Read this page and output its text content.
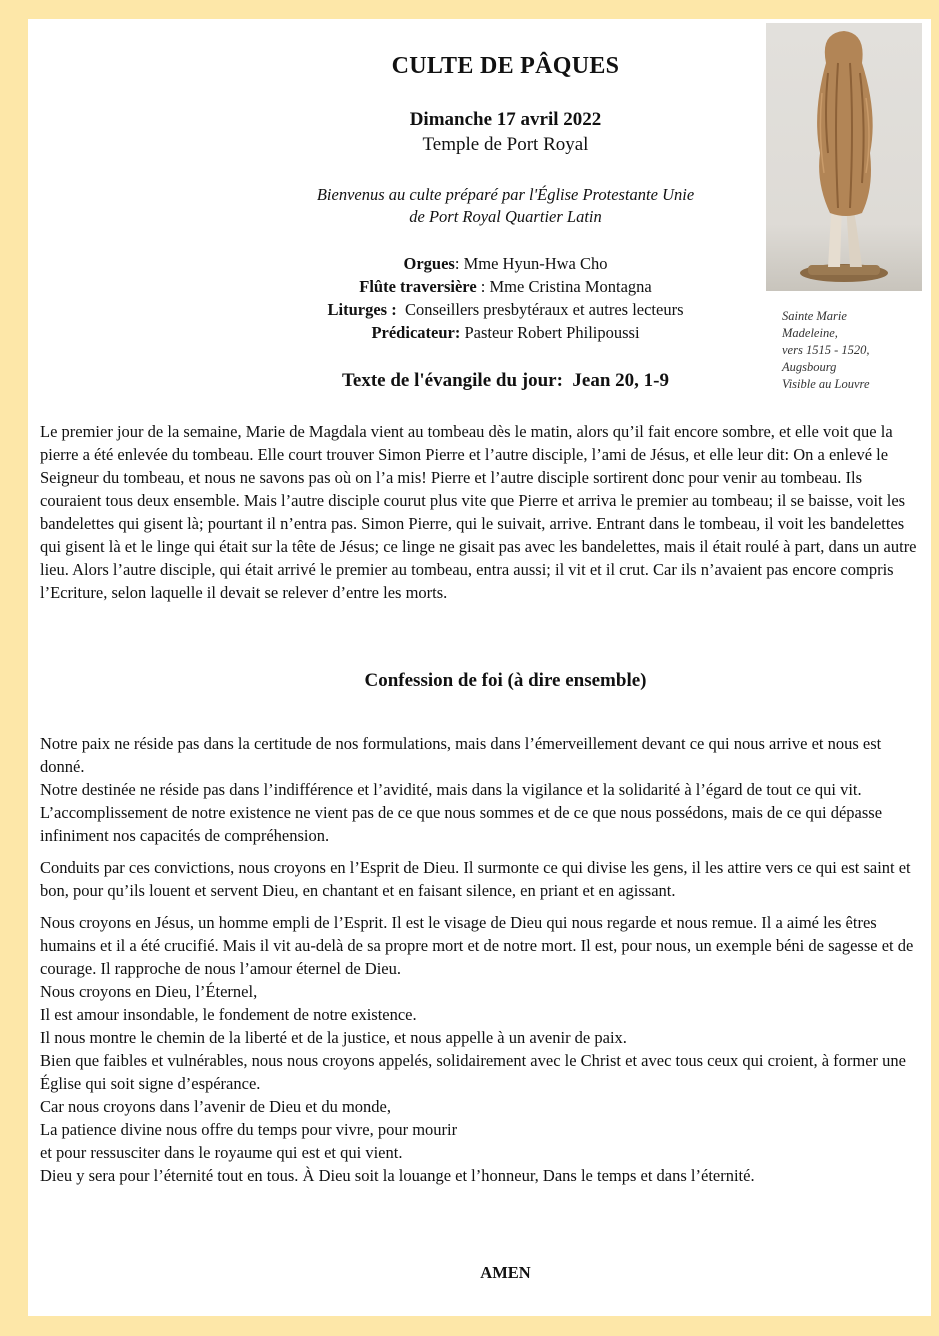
CULTE DE PÂQUES
Dimanche 17 avril 2022
Temple de Port Royal
Bienvenus au culte préparé par l'Église Protestante Unie
de Port Royal Quartier Latin
Orgues: Mme Hyun-Hwa Cho
Flûte traversière : Mme Cristina Montagna
Liturges : Conseillers presbytéraux et autres lecteurs
Prédicateur: Pasteur Robert Philipoussi
Texte de l'évangile du jour:  Jean 20, 1-9
Sainte Marie
Madeleine,
vers 1515 - 1520,
Augsbourg
Visible au Louvre

Le premier jour de la semaine, Marie de Magdala vient au tombeau dès le matin, alors qu’il fait encore sombre, et elle voit que la pierre a été enlevée du tombeau. Elle court trouver Simon Pierre et l’autre disciple, l’ami de Jésus, et elle leur dit: On a enlevé le Seigneur du tombeau, et nous ne savons pas où on l’a mis! Pierre et l’autre disciple sortirent donc pour venir au tombeau. Ils couraient tous deux ensemble. Mais l’autre disciple courut plus vite que Pierre et arriva le premier au tombeau; il se baisse, voit les bandelettes qui gisent là; pourtant il n’entra pas. Simon Pierre, qui le suivait, arrive. Entrant dans le tombeau, il voit les bandelettes qui gisent là et le linge qui était sur la tête de Jésus; ce linge ne gisait pas avec les bandelettes, mais il était roulé à part, dans un autre lieu. Alors l’autre disciple, qui était arrivé le premier au tombeau, entra aussi; il vit et il crut. Car ils n’avaient pas encore compris l’Ecriture, selon laquelle il devait se relever d’entre les morts.

Confession de foi (à dire ensemble)

Notre paix ne réside pas dans la certitude de nos formulations, mais dans l’émerveillement devant ce qui nous arrive et nous est donné.

Notre destinée ne réside pas dans l’indifférence et l’avidité, mais dans la vigilance et la solidarité à l’égard de tout ce qui vit.

L’accomplissement de notre existence ne vient pas de ce que nous sommes et de ce que nous possédons, mais de ce qui dépasse infiniment nos capacités de compréhension.

Conduits par ces convictions, nous croyons en l’Esprit de Dieu. Il surmonte ce qui divise les gens, il les attire vers ce qui est saint et bon, pour qu’ils louent et servent Dieu, en chantant et en faisant silence, en priant et en agissant.

Nous croyons en Jésus, un homme empli de l’Esprit. Il est le visage de Dieu qui nous regarde et nous remue. Il a aimé les êtres humains et il a été crucifié. Mais il vit au-delà de sa propre mort et de notre mort. Il est, pour nous, un exemple béni de sagesse et de courage. Il rapproche de nous l’amour éternel de Dieu.

Nous croyons en Dieu, l’Éternel,

Il est amour insondable, le fondement de notre existence.

Il nous montre le chemin de la liberté et de la justice, et nous appelle à un avenir de paix.

Bien que faibles et vulnérables, nous nous croyons appelés, solidairement avec le Christ et avec tous ceux qui croient, à former une Église qui soit signe d’espérance.

Car nous croyons dans l’avenir de Dieu et du monde,

La patience divine nous offre du temps pour vivre, pour mourir

et pour ressusciter dans le royaume qui est et qui vient.

Dieu y sera pour l’éternité tout en tous. À Dieu soit la louange et l’honneur, Dans le temps et dans l’éternité.

AMEN
